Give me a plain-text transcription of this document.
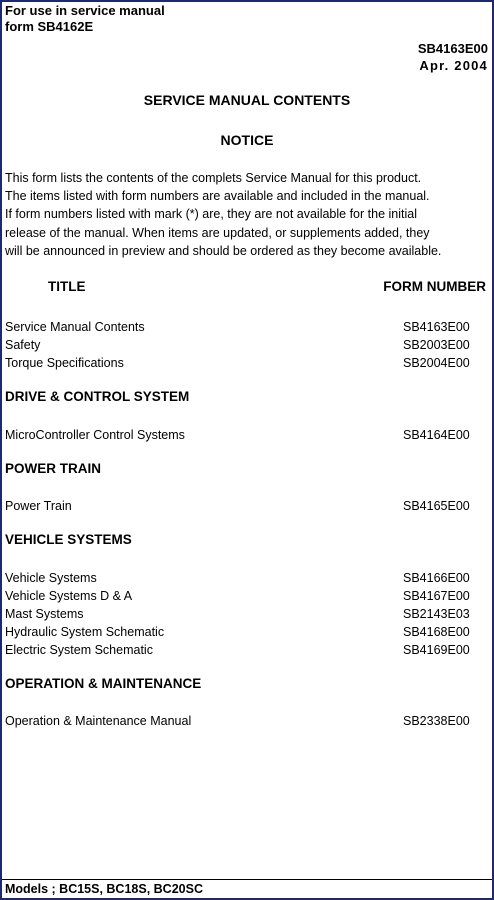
For use in service manual
form SB4162E
SB4163E00
Apr. 2004
SERVICE MANUAL CONTENTS
NOTICE
This form lists the contents of the complets Service Manual for this product.
The items listed with form numbers are available and included in the manual.
If form numbers listed with mark (*) are, they are not available for the initial
release of the manual. When items are updated, or supplements added, they
will be announced in preview and should be ordered as they become available.
TITLE	FORM NUMBER
Service Manual Contents	SB4163E00
Safety	SB2003E00
Torque Specifications	SB2004E00
DRIVE & CONTROL SYSTEM
MicroController Control Systems	SB4164E00
POWER TRAIN
Power Train	SB4165E00
VEHICLE SYSTEMS
Vehicle Systems	SB4166E00
Vehicle Systems D & A	SB4167E00
Mast Systems	SB2143E03
Hydraulic System Schematic	SB4168E00
Electric System Schematic	SB4169E00
OPERATION & MAINTENANCE
Operation & Maintenance Manual	SB2338E00
Models ; BC15S, BC18S, BC20SC
